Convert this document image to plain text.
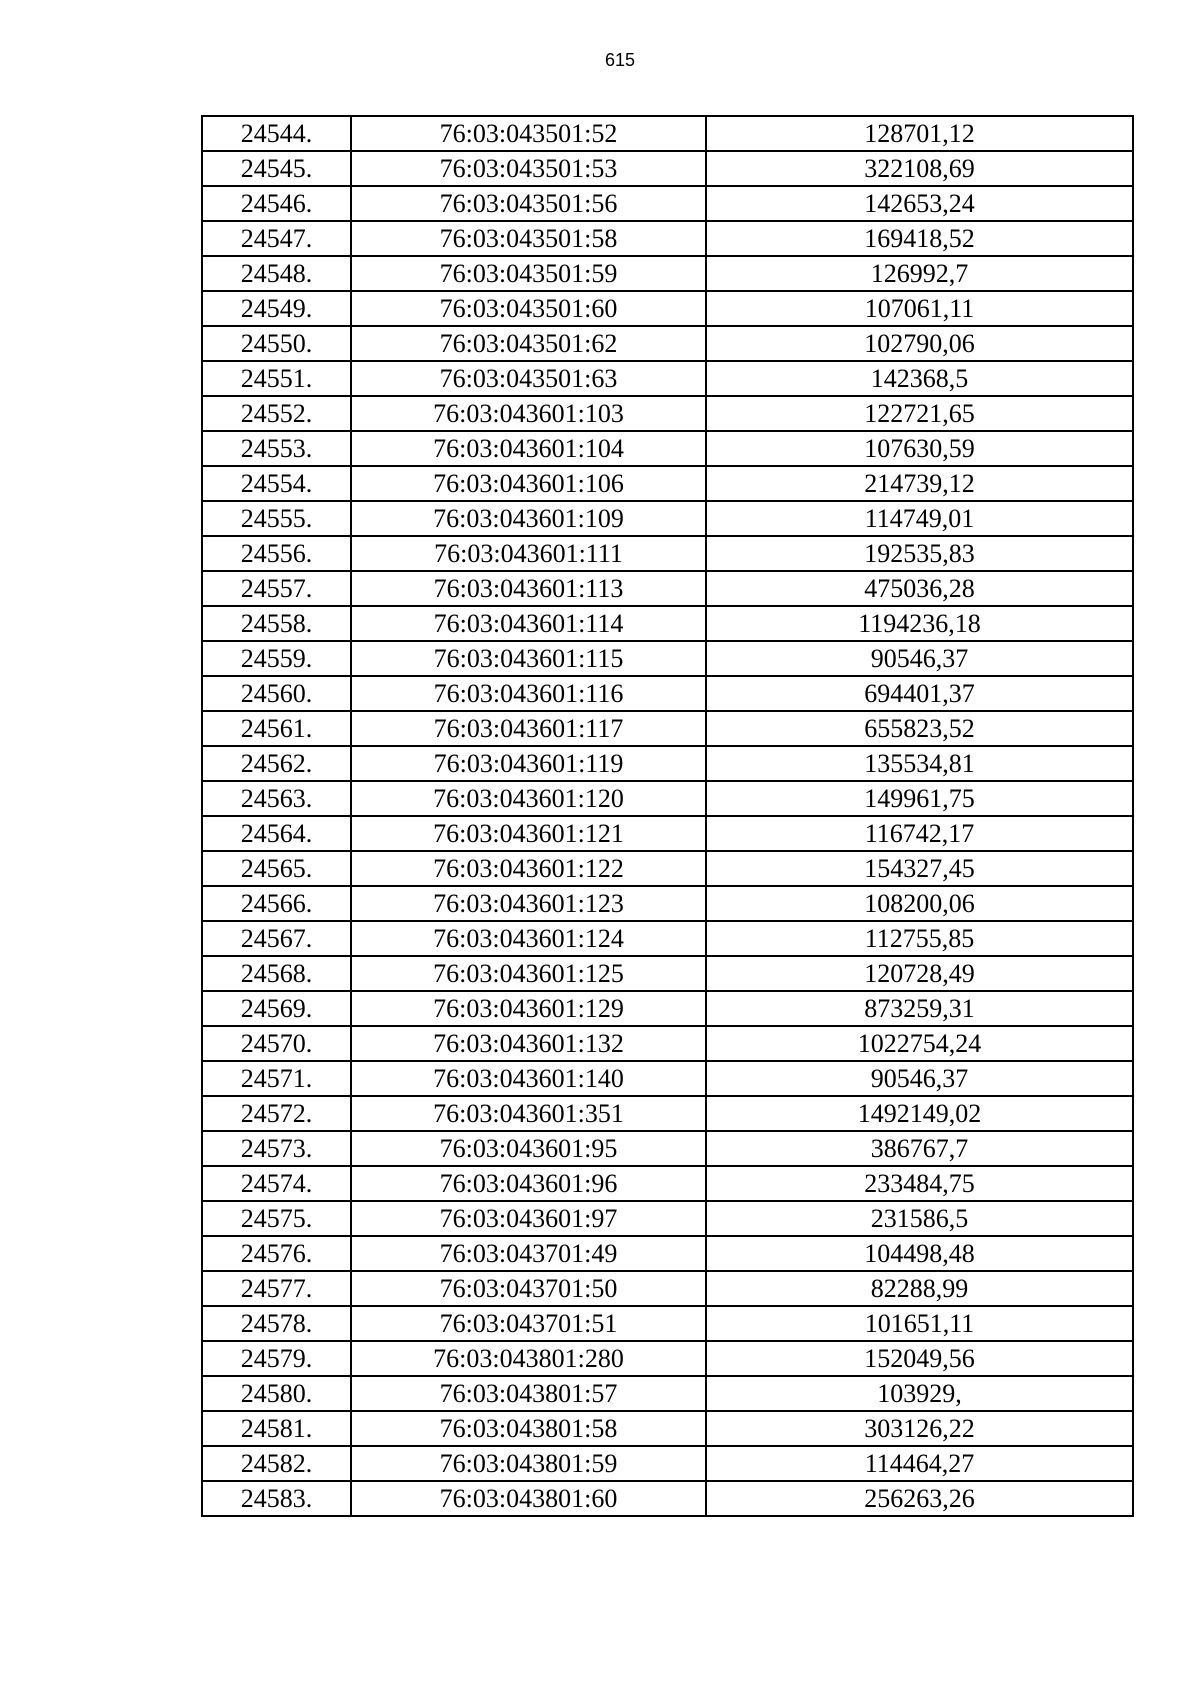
615
24544.	76:03:043501:52	128701,12
24545.	76:03:043501:53	322108,69
24546.	76:03:043501:56	142653,24
24547.	76:03:043501:58	169418,52
24548.	76:03:043501:59	126992,7
24549.	76:03:043501:60	107061,11
24550.	76:03:043501:62	102790,06
24551.	76:03:043501:63	142368,5
24552.	76:03:043601:103	122721,65
24553.	76:03:043601:104	107630,59
24554.	76:03:043601:106	214739,12
24555.	76:03:043601:109	114749,01
24556.	76:03:043601:111	192535,83
24557.	76:03:043601:113	475036,28
24558.	76:03:043601:114	1194236,18
24559.	76:03:043601:115	90546,37
24560.	76:03:043601:116	694401,37
24561.	76:03:043601:117	655823,52
24562.	76:03:043601:119	135534,81
24563.	76:03:043601:120	149961,75
24564.	76:03:043601:121	116742,17
24565.	76:03:043601:122	154327,45
24566.	76:03:043601:123	108200,06
24567.	76:03:043601:124	112755,85
24568.	76:03:043601:125	120728,49
24569.	76:03:043601:129	873259,31
24570.	76:03:043601:132	1022754,24
24571.	76:03:043601:140	90546,37
24572.	76:03:043601:351	1492149,02
24573.	76:03:043601:95	386767,7
24574.	76:03:043601:96	233484,75
24575.	76:03:043601:97	231586,5
24576.	76:03:043701:49	104498,48
24577.	76:03:043701:50	82288,99
24578.	76:03:043701:51	101651,11
24579.	76:03:043801:280	152049,56
24580.	76:03:043801:57	103929,
24581.	76:03:043801:58	303126,22
24582.	76:03:043801:59	114464,27
24583.	76:03:043801:60	256263,26
